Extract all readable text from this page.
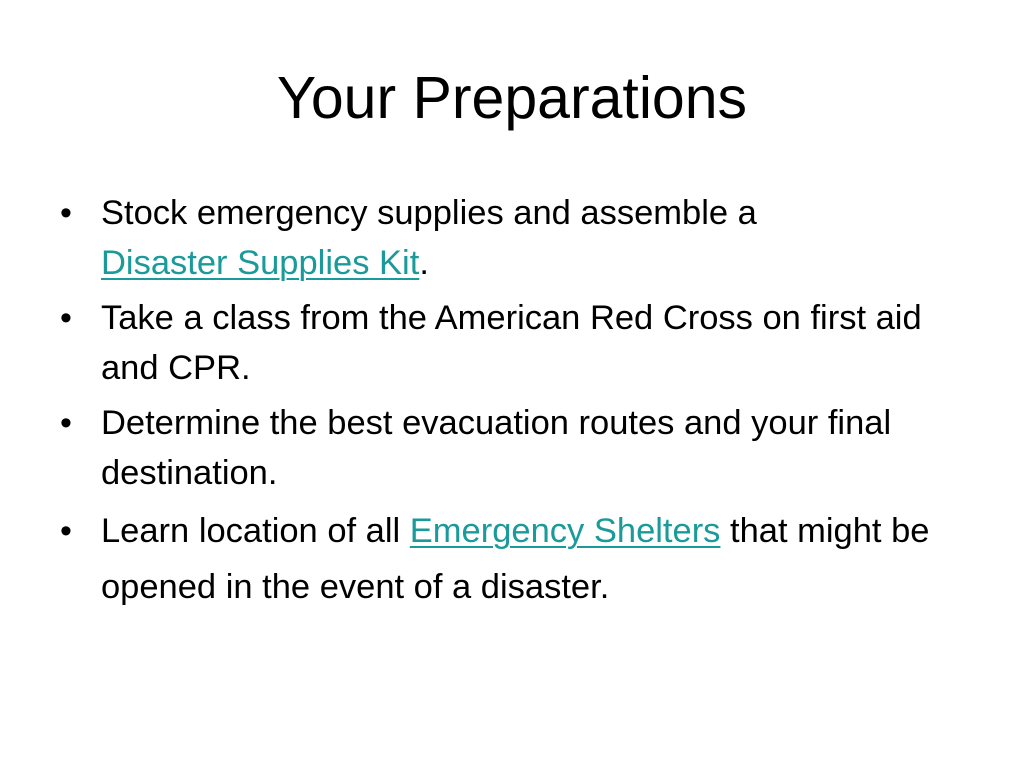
Your Preparations
• Stock emergency supplies and assemble a
Disaster Supplies Kit.
• Take a class from the American Red Cross on first aid and CPR.
• Determine the best evacuation routes and your final destination.
• Learn location of all Emergency Shelters that might be opened in the event of a disaster.
